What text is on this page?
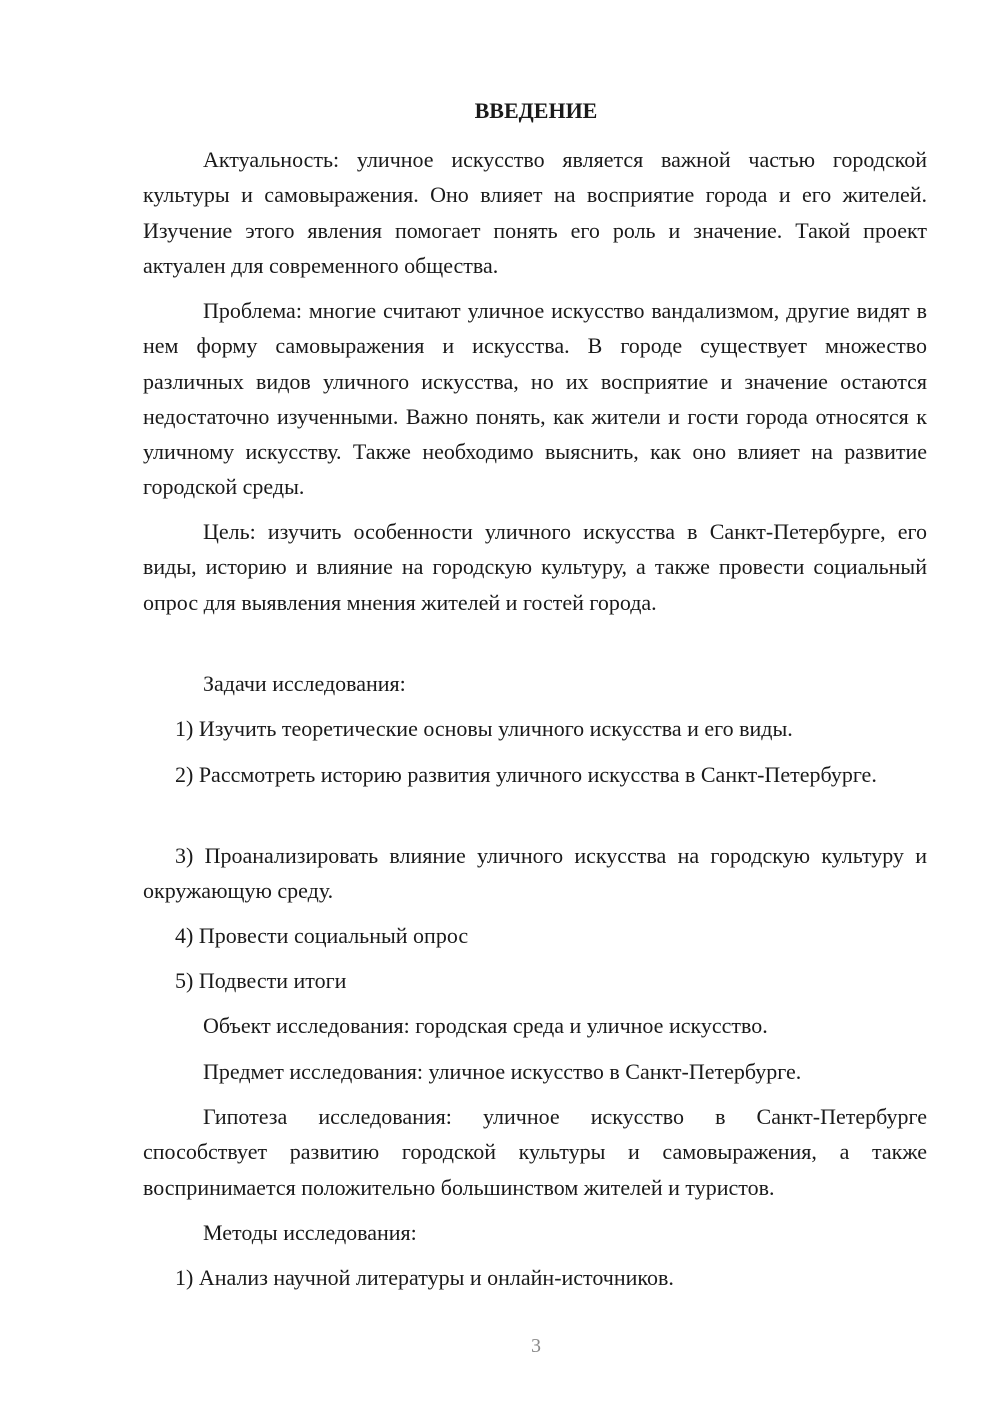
ВВЕДЕНИЕ

Актуальность: уличное искусство является важной частью городской культуры и самовыражения. Оно влияет на восприятие города и его жителей. Изучение этого явления помогает понять его роль и значение. Такой проект актуален для современного общества.

Проблема: многие считают уличное искусство вандализмом, другие видят в нем форму самовыражения и искусства. В городе существует множество различных видов уличного искусства, но их восприятие и значение остаются недостаточно изученными. Важно понять, как жители и гости города относятся к уличному искусству. Также необходимо выяснить, как оно влияет на развитие городской среды.

Цель: изучить особенности уличного искусства в Санкт-Петербурге, его виды, историю и влияние на городскую культуру, а также провести социальный опрос для выявления мнения жителей и гостей города.

Задачи исследования:

1) Изучить теоретические основы уличного искусства и его виды.

2) Рассмотреть историю развития уличного искусства в Санкт-Петербурге.

3) Проанализировать влияние уличного искусства на городскую культуру и окружающую среду.

4) Провести социальный опрос

5) Подвести итоги

Объект исследования: городская среда и уличное искусство.

Предмет исследования: уличное искусство в Санкт-Петербурге.

Гипотеза исследования: уличное искусство в Санкт-Петербурге способствует развитию городской культуры и самовыражения, а также воспринимается положительно большинством жителей и туристов.

Методы исследования:

1) Анализ научной литературы и онлайн-источников.

3
